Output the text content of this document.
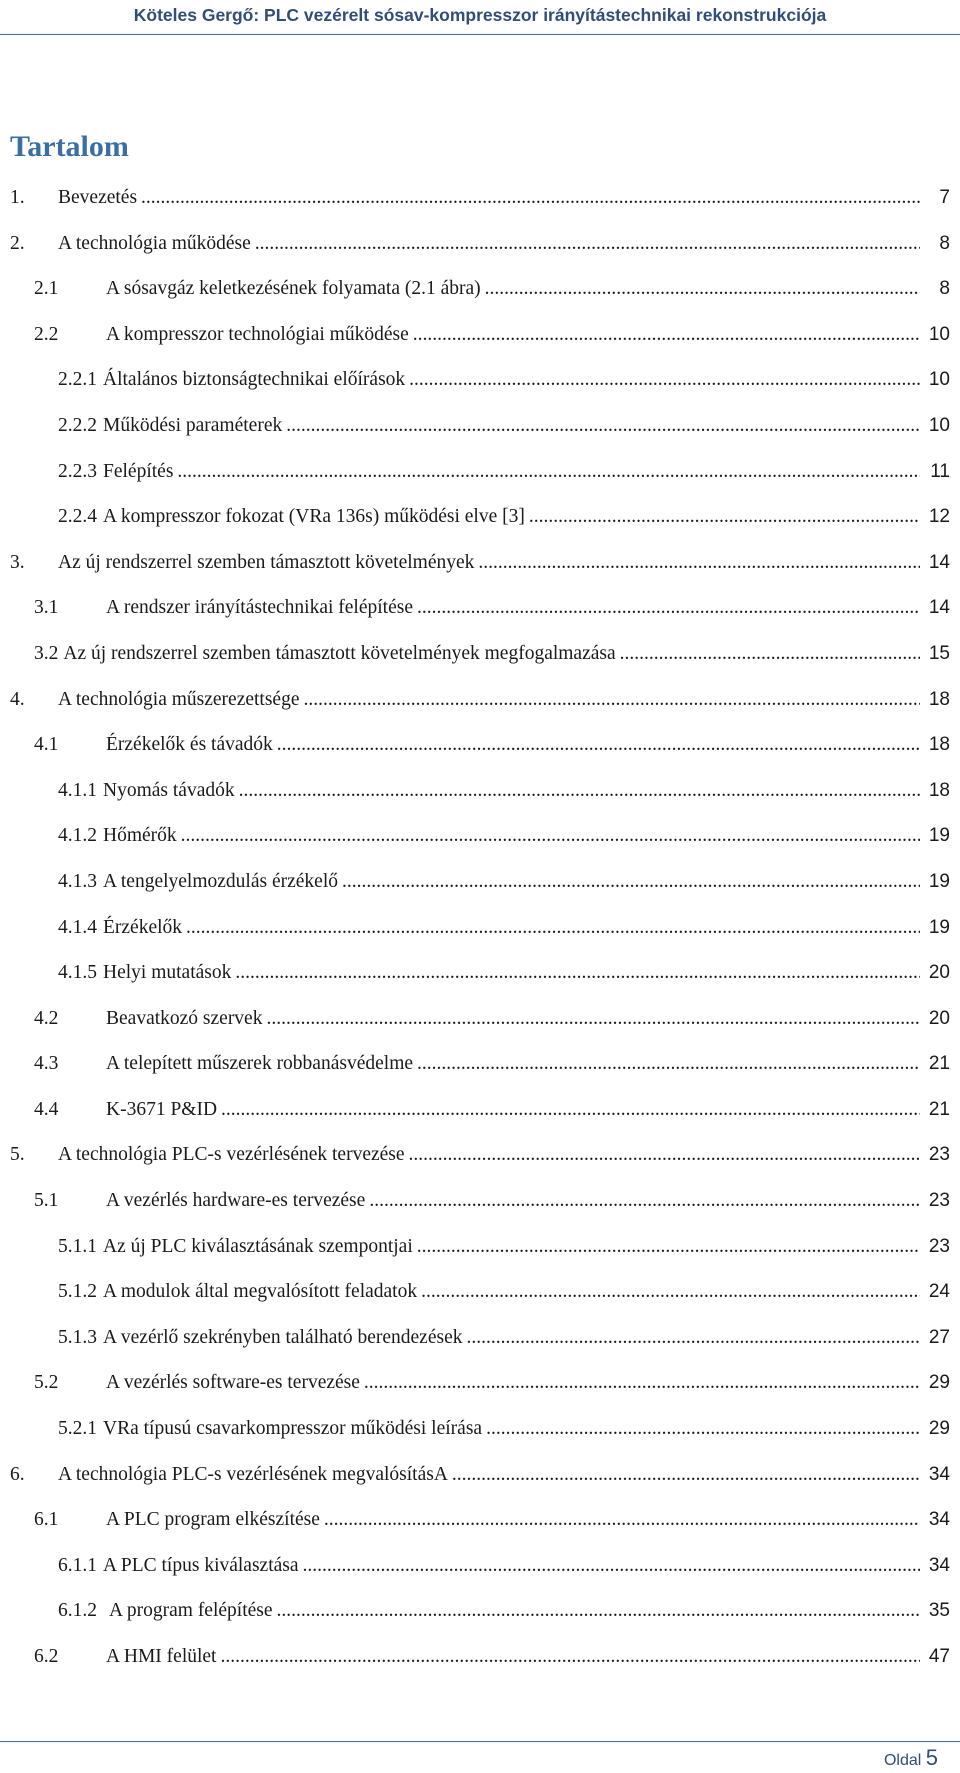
Köteles Gergő: PLC vezérelt sósav-kompresszor irányítástechnikai rekonstrukciója
Tartalom
1.	Bevezetés .....	7
2.	A technológia működése .....	8
2.1	A sósavgáz keletkezésének folyamata (2.1 ábra) .....	8
2.2	A kompresszor technológiai működése .....	10
2.2.1 Általános biztonságtechnikai előírások .....	10
2.2.2 Működési paraméterek .....	10
2.2.3 Felépítés .....	11
2.2.4 A kompresszor fokozat (VRa 136s) működési elve [3] .....	12
3.	Az új rendszerrel szemben támasztott követelmények .....	14
3.1	A rendszer irányítástechnikai felépítése .....	14
3.2 Az új rendszerrel szemben támasztott követelmények megfogalmazása .....	15
4.	A technológia műszerezettsége .....	18
4.1	Érzékelők és távadók .....	18
4.1.1 Nyomás távadók .....	18
4.1.2 Hőmérők .....	19
4.1.3 A tengelyelmozdulás érzékelő .....	19
4.1.4 Érzékelők .....	19
4.1.5 Helyi mutatások .....	20
4.2	Beavatkozó szervek .....	20
4.3	A telepített műszerek robbanásvédelme .....	21
4.4	K-3671 P&ID .....	21
5.	A technológia PLC-s vezérlésének tervezése .....	23
5.1	A vezérlés hardware-es tervezése .....	23
5.1.1 Az új PLC kiválasztásának szempontjai .....	23
5.1.2 A modulok által megvalósított feladatok .....	24
5.1.3 A vezérlő szekrényben található berendezések .....	27
5.2	A vezérlés software-es tervezése .....	29
5.2.1 VRa típusú csavarkompresszor működési leírása .....	29
6.	A technológia PLC-s vezérlésének megvalósításA .....	34
6.1	A PLC program elkészítése .....	34
6.1.1 A PLC típus kiválasztása .....	34
6.1.2 A program felépítése .....	35
6.2	A HMI felület .....	47
Oldal 5
